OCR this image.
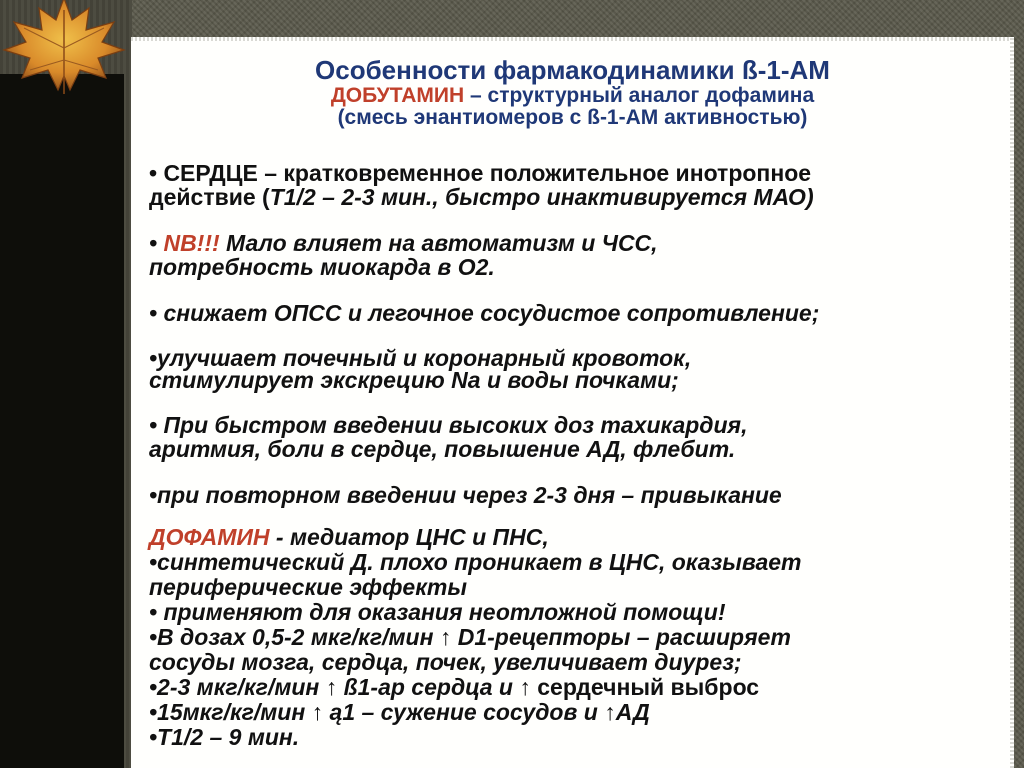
Особенности фармакодинамики ß-1-АМ
ДОБУТАМИН – структурный аналог дофамина
(смесь энантиомеров с ß-1-АМ активностью)

• СЕРДЦЕ – кратковременное положительное инотропное

действие (T1/2 – 2-3 мин., быстро инактивируется МАО)

• NB!!! Мало влияет на автоматизм и ЧСС,

потребность миокарда в О2.

• снижает ОПСС и легочное сосудистое сопротивление;

•улучшает почечный и коронарный кровоток,

стимулирует экскрецию Na и воды почками;

• При быстром введении высоких доз тахикардия,

аритмия, боли в сердце, повышение АД, флебит.

•при повторном введении через 2-3 дня – привыкание

ДОФАМИН - медиатор ЦНС и ПНС,

•синтетический Д. плохо проникает в ЦНС, оказывает

периферические эффекты

• применяют для оказания неотложной помощи!

•В дозах 0,5-2 мкг/кг/мин ↑ D1-рецепторы – расширяет

сосуды мозга, сердца, почек, увеличивает диурез;

•2-3 мкг/кг/мин ↑ ß1-ар сердца и ↑ сердечный выброс

•15мкг/кг/мин ↑ ą1 – сужение сосудов и ↑АД

•T1/2 – 9 мин.
